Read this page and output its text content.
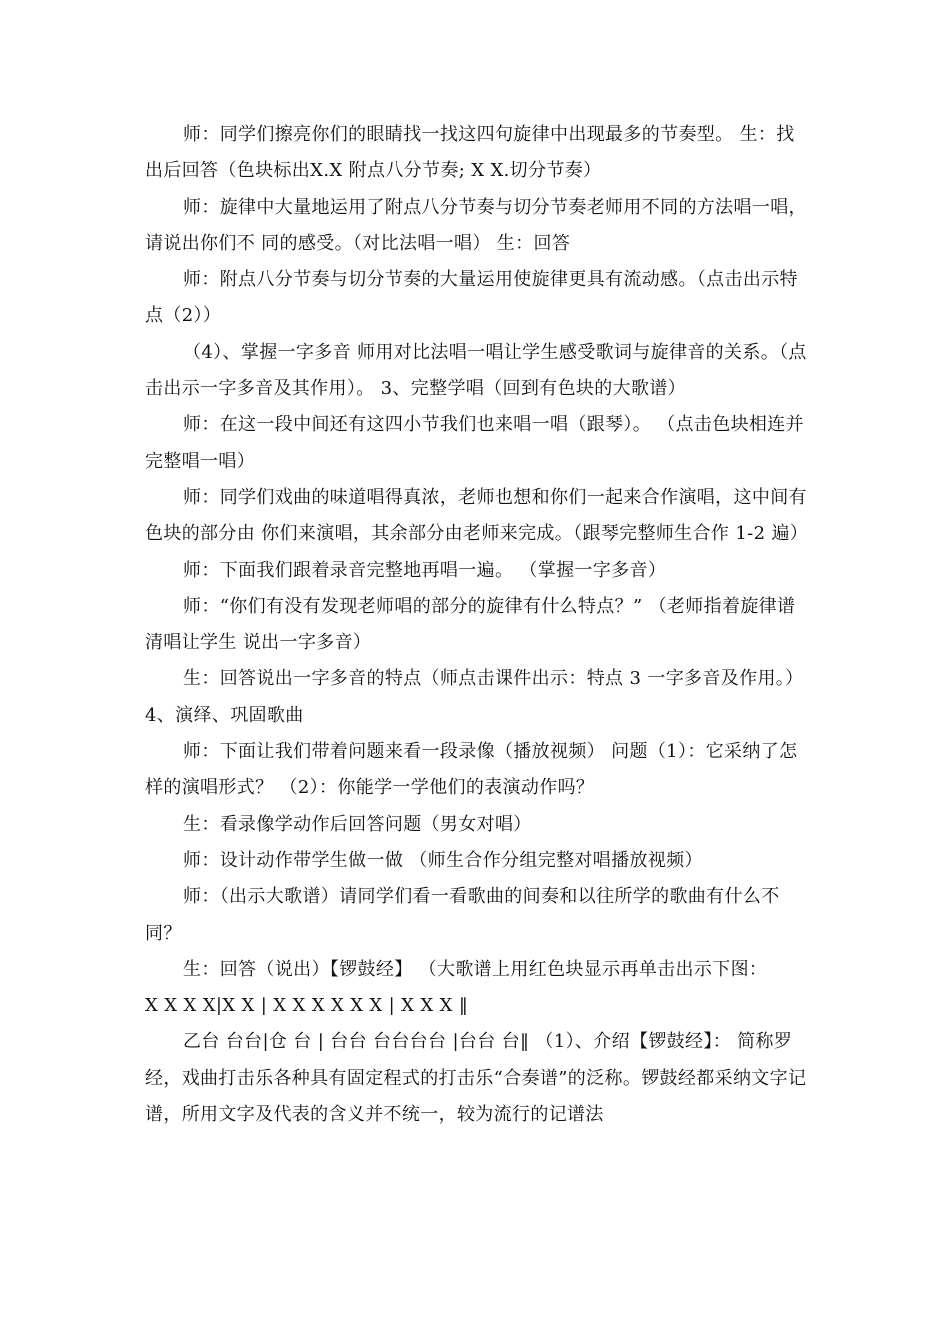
师：同学们擦亮你们的眼睛找一找这四句旋律中出现最多的节奏型。 生：找出后回答（色块标出X.X 附点八分节奏; X X.切分节奏）

师：旋律中大量地运用了附点八分节奏与切分节奏老师用不同的方法唱一唱，请说出你们不 同的感受。（对比法唱一唱） 生：回答

师：附点八分节奏与切分节奏的大量运用使旋律更具有流动感。（点击出示特点（2））

（4）、掌握一字多音 师用对比法唱一唱让学生感受歌词与旋律音的关系。（点击出示一字多音及其作用）。 3、完整学唱（回到有色块的大歌谱）

师：在这一段中间还有这四小节我们也来唱一唱（跟琴）。 （点击色块相连并完整唱一唱）

师：同学们戏曲的味道唱得真浓，老师也想和你们一起来合作演唱，这中间有色块的部分由 你们来演唱，其余部分由老师来完成。（跟琴完整师生合作 1-2 遍）

师：下面我们跟着录音完整地再唱一遍。 （掌握一字多音）

师：“你们有没有发现老师唱的部分的旋律有什么特点？” （老师指着旋律谱清唱让学生 说出一字多音）

生：回答说出一字多音的特点（师点击课件出示：特点 3 一字多音及作用。） 4、演绎、巩固歌曲

师：下面让我们带着问题来看一段录像（播放视频） 问题（1）：它采纳了怎样的演唱形式？ （2）：你能学一学他们的表演动作吗？

生：看录像学动作后回答问题（男女对唱）

师：设计动作带学生做一做 （师生合作分组完整对唱播放视频）

师：（出示大歌谱）请同学们看一看歌曲的间奏和以往所学的歌曲有什么不同？

生：回答（说出）【锣鼓经】 （大歌谱上用红色块显示再单击出示下图：

X X X X|X X | X X X X X X | X X X ‖

乙台 台台|仓 台 | 台台 台台台台 |台台 台‖ （1）、介绍【锣鼓经】： 简称罗经，戏曲打击乐各种具有固定程式的打击乐“合奏谱”的泛称。锣鼓经都采纳文字记 谱，所用文字及代表的含义并不统一，较为流行的记谱法
